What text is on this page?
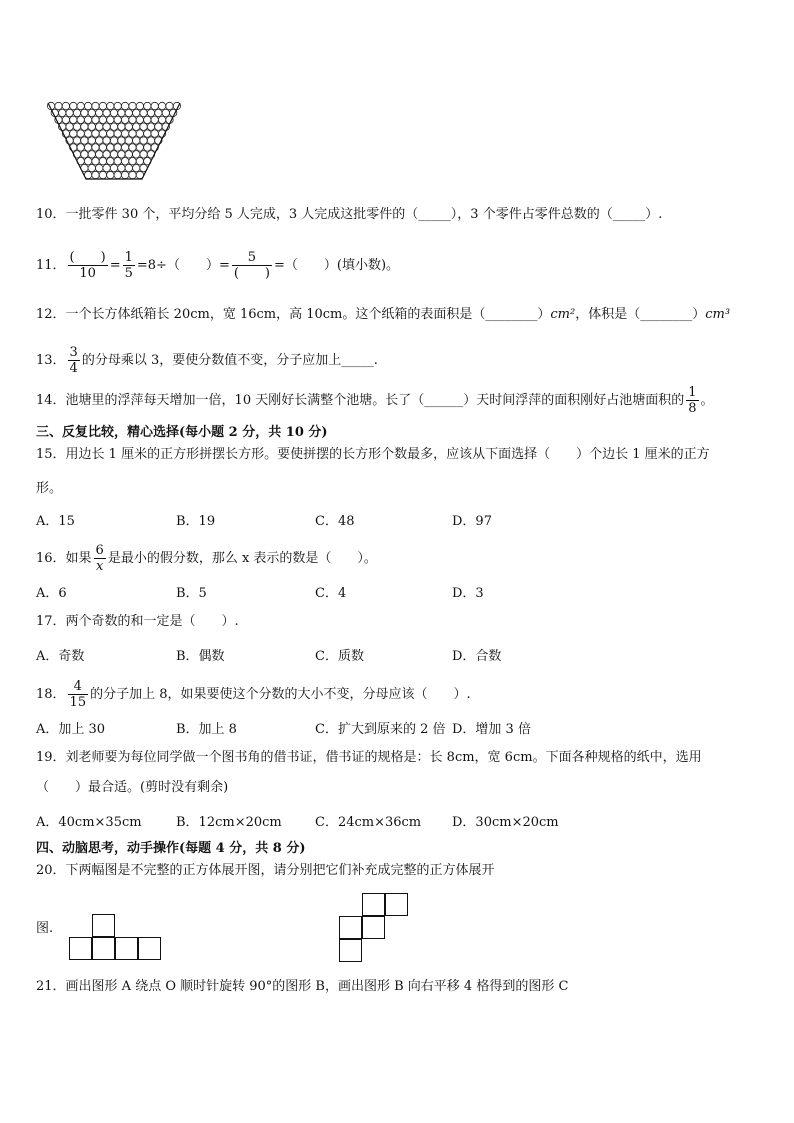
10．一批零件 30 个，平均分给 5 人完成，3 人完成这批零件的（_____），3 个零件占零件总数的（_____）.
11． $\frac{( )}{10} = \frac{1}{5} =8\div$（　　）= $\frac{5}{( )}$ =（　　）(填小数)。
12．一个长方体纸箱长 20cm，宽 16cm，高 10cm。这个纸箱的表面积是（________）cm²，体积是（________）cm³
13． $\frac{3}{4}$ 的分母乘以 3，要使分数值不变，分子应加上_____.
14．池塘里的浮萍每天增加一倍，10 天刚好长满整个池塘。长了（______）天时间浮萍的面积刚好占池塘面积的 $\frac{1}{8}$ 。
三、反复比较，精心选择(每小题 2 分，共 10 分)
15．用边长 1 厘米的正方形拼摆长方形。要使拼摆的长方形个数最多，应该从下面选择（　　）个边长 1 厘米的正方
形。
A．15	B．19	C．48	D．97
16．如果 $\frac{6}{x}$ 是最小的假分数，那么 x 表示的数是（　　）。
A．6	B．5	C．4	D．3
17．两个奇数的和一定是（　　）.
A．奇数	B．偶数	C．质数	D．合数
18． $\frac{4}{15}$ 的分子加上 8，如果要使这个分数的大小不变，分母应该（　　）.
A．加上 30	B．加上 8	C．扩大到原来的 2 倍 D．增加 3 倍
19．刘老师要为每位同学做一个图书角的借书证，借书证的规格是：长 8cm，宽 6cm。下面各种规格的纸中，选用
（　　）最合适。(剪时没有剩余)
A．40cm×35cm	B．12cm×20cm	C．24cm×36cm D．30cm×20cm
四、动脑思考，动手操作(每题 4 分，共 8 分)
20．下两幅图是不完整的正方体展开图，请分别把它们补充成完整的正方体展开
图.
21．画出图形 A 绕点 O 顺时针旋转 90°的图形 B，画出图形 B 向右平移 4 格得到的图形 C
